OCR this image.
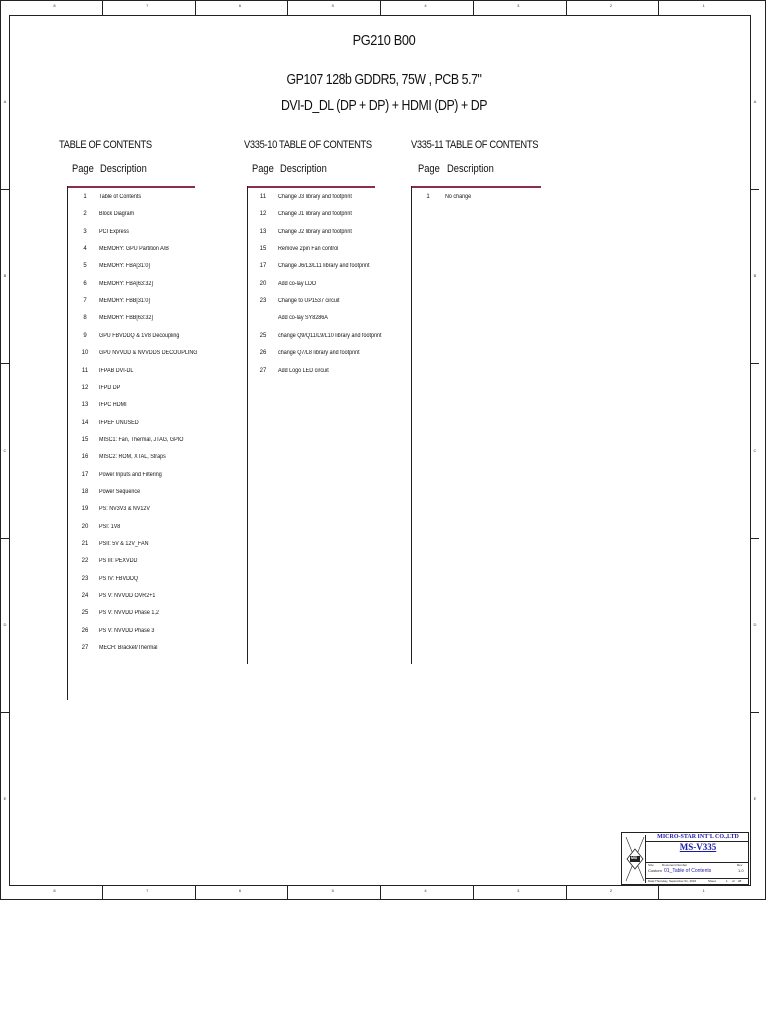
8	7	6	5	4	3	2	1
8	7	6	5	4	3	2	1
A
B
C
D
E
A
B
C
D
E
PG210 B00
GP107 128b GDDR5, 75W , PCB 5.7"
DVI-D_DL (DP + DP) + HDMI (DP) + DP
TABLE OF CONTENTS
Page Description
1	Table of Contents
2	Block Diagram
3	PCI Express
4	MEMORY: GPU Partition A/B
5	MEMORY: FBA[31:0]
6	MEMORY: FBA[63:32]
7	MEMORY: FBB[31:0]
8	MEMORY: FBB[63:32]
9	GPU FBVDDQ & 1V8 Decoupling
10	GPU NVVDD & NVVDDS DECOUPLING
11	IFPAB DVI-DL
12	IFPD DP
13	IFPC HDMI
14	IFPEF UNUSED
15	MISC1: Fan, Thermal, JTAG, GPIO
16	MISC2: ROM, XTAL, Straps
17	Power Inputs and Filtering
18	Power Sequence
19	PS: NV3V3 & NV12V
20	PSI: 1V8
21	PSII: 5V & 12V_FAN
22	PS III: PEXVDD
23	PS IV: FBVDDQ
24	PS V: NVVDD OVR2+1
25	PS V: NVVDD Phase 1,2
26	PS V: NVVDD Phase 3
27	MECH: Bracket/Thermal
V335-10 TABLE OF CONTENTS
Page Description
11	Change J3 library and footprint
12	Change J1 library and footprint
13	Change J2 library and footprint
15	Remove 2pin Fan control
17	Change J6/L3/L11 library and footprint
20	Add co-lay LDO
23	Change to UP1537 circuit
Add co-lay SY8286A
25	change Q9/Q11/L9/L10 library and footprint
26	change Q7/L8 library and footprint
27	Add Logo LED circuit
V335-11 TABLE OF CONTENTS
Page Description
1	No change
MSI
MICRO-STAR INT'L CO.,LTD
MS-V335
Size
Custom
Document Number
01_Table of Contents
Rev
1.0
Date: Thursday, September 01, 2016	Sheet	1 of 28
